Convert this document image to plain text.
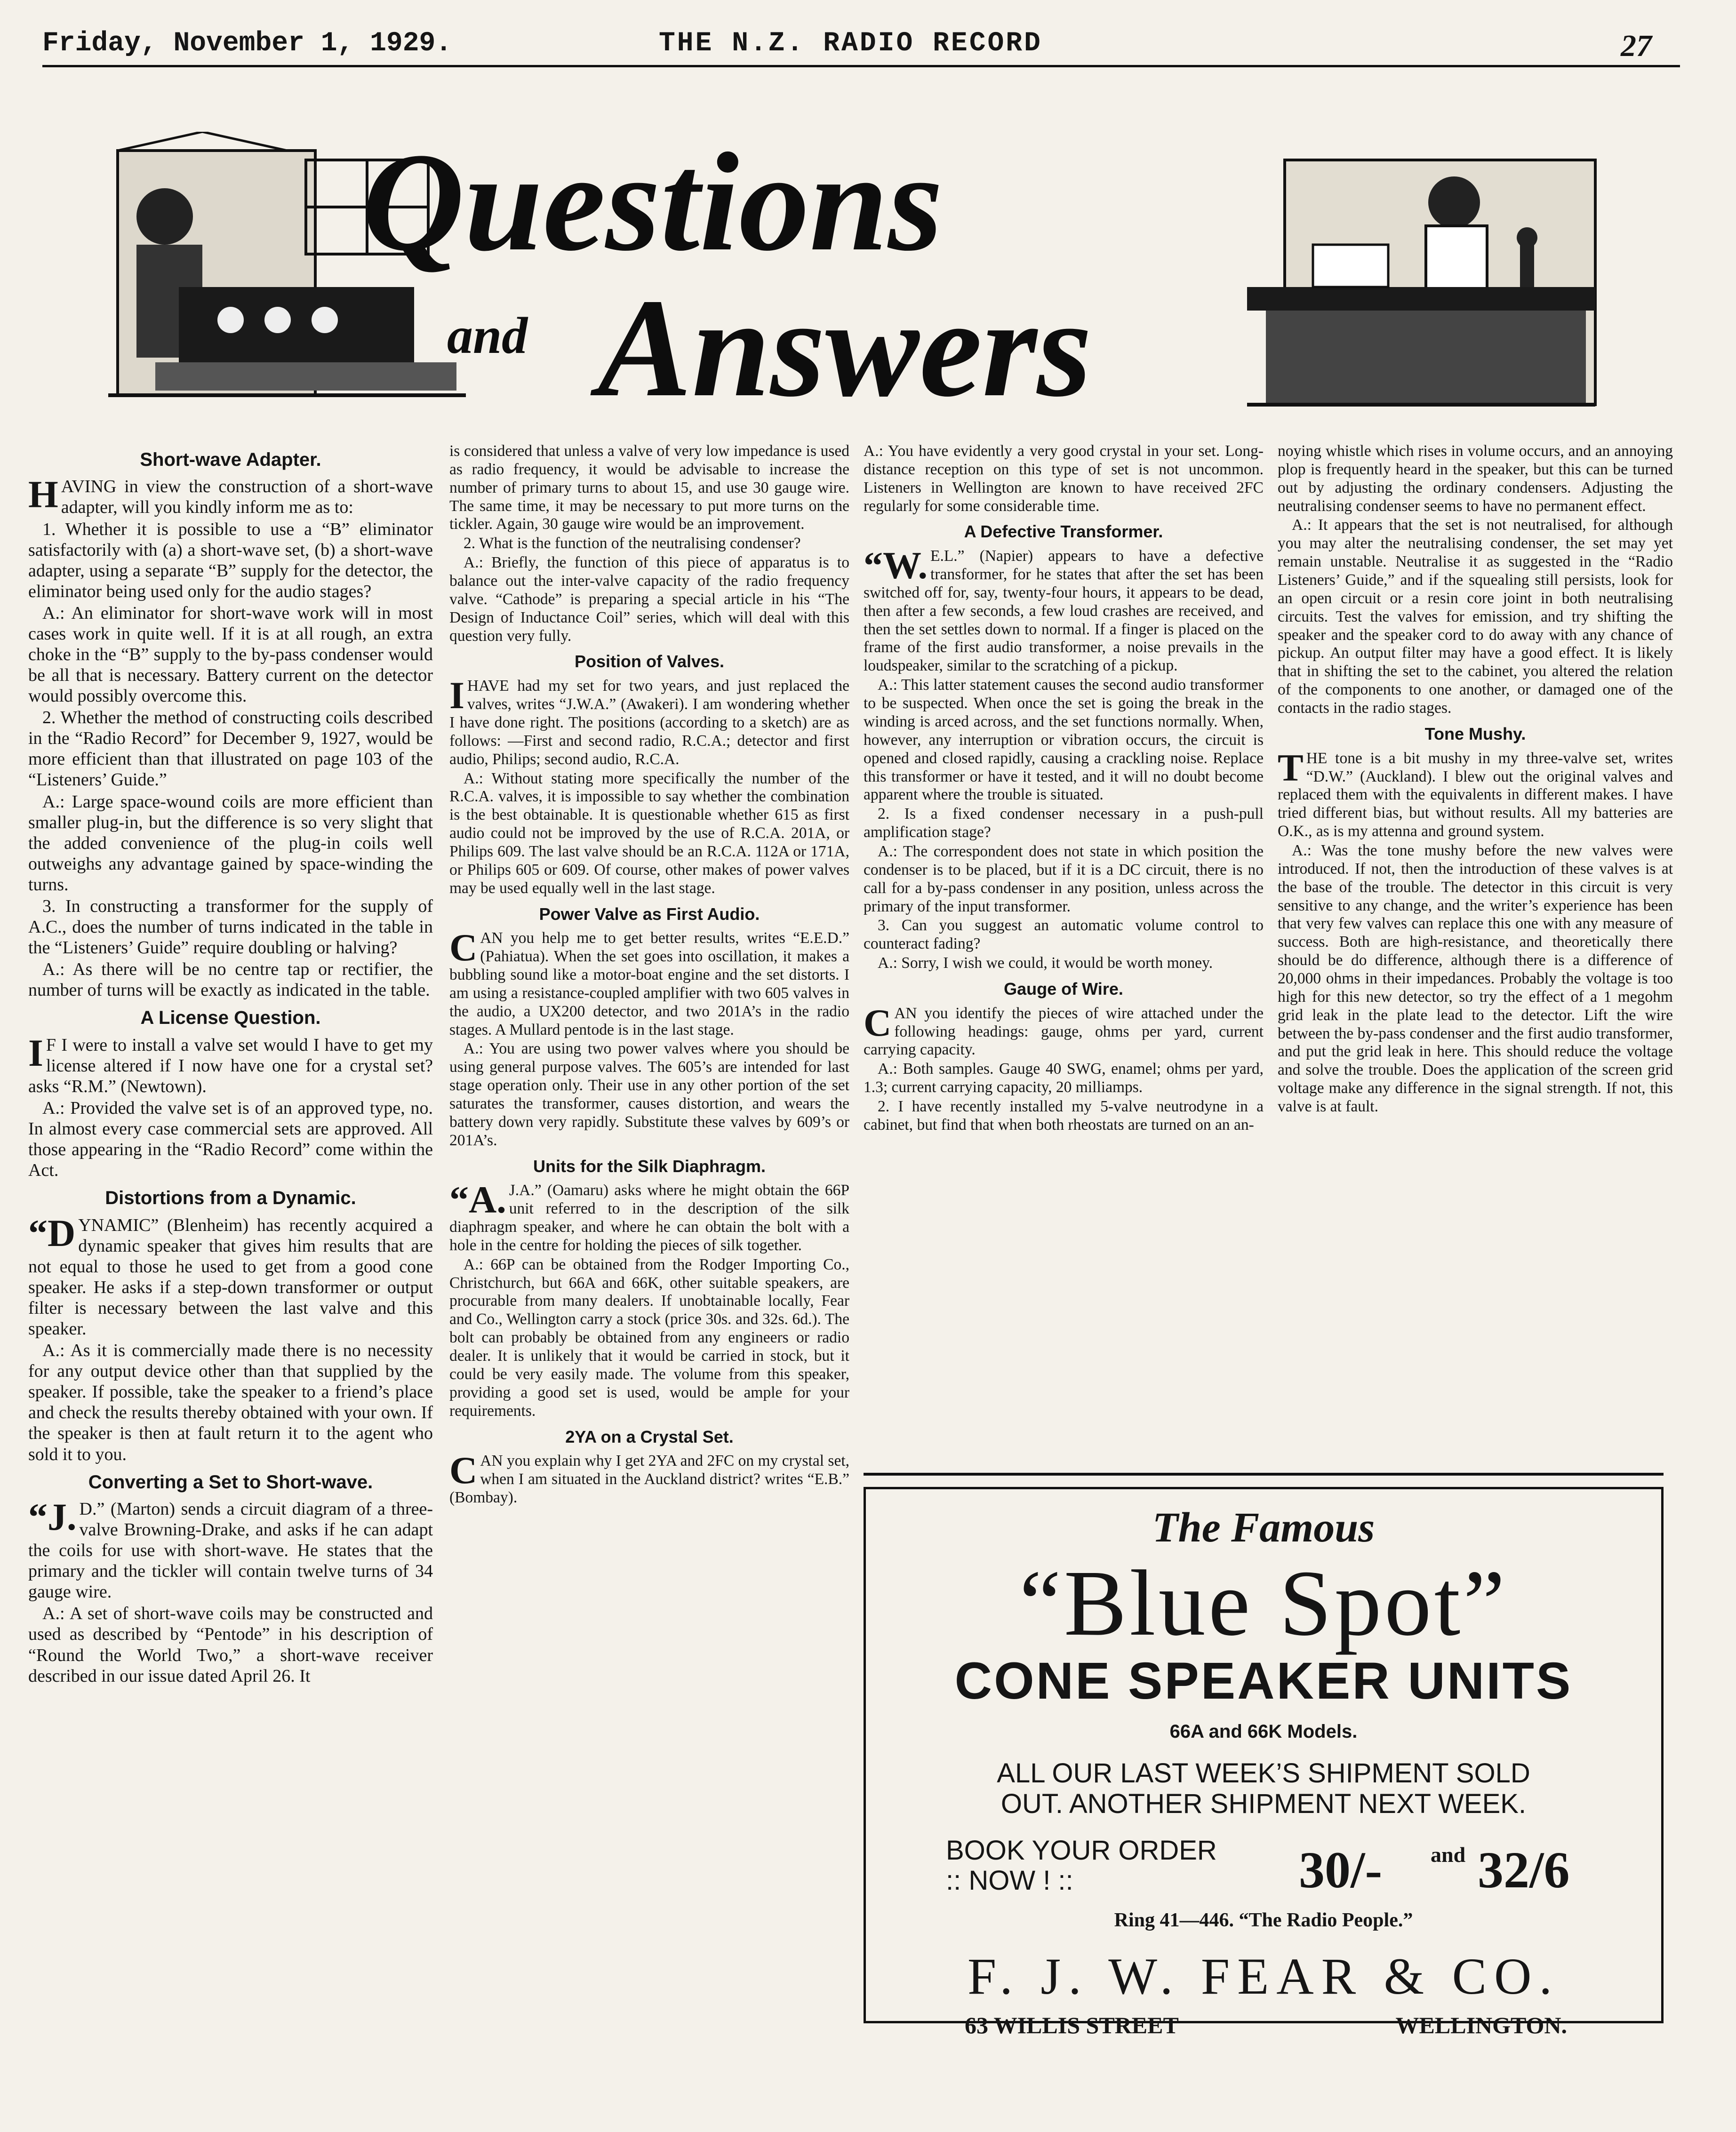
Friday, November 1, 1929.	THE N.Z. RADIO RECORD	27
Questions
and Answers
Short-wave Adapter.

HAVING in view the construction of a short-wave adapter, will you kindly inform me as to:

1. Whether it is possible to use a “B” eliminator satisfactorily with (a) a short-wave set, (b) a short-wave adapter, using a separate “B” supply for the detector, the eliminator being used only for the audio stages?

A.: An eliminator for short-wave work will in most cases work in quite well. If it is at all rough, an extra choke in the “B” supply to the by-pass condenser would be all that is necessary. Battery current on the detector would possibly overcome this.

2. Whether the method of constructing coils described in the “Radio Record” for December 9, 1927, would be more efficient than that illustrated on page 103 of the “Listeners’ Guide.”

A.: Large space-wound coils are more efficient than smaller plug-in, but the difference is so very slight that the added convenience of the plug-in coils well outweighs any advantage gained by space-winding the turns.

3. In constructing a transformer for the supply of A.C., does the number of turns indicated in the table in the “Listeners’ Guide” require doubling or halving?

A.: As there will be no centre tap or rectifier, the number of turns will be exactly as indicated in the table.

A License Question.

IF I were to install a valve set would I have to get my license altered if I now have one for a crystal set? asks “R.M.” (Newtown).

A.: Provided the valve set is of an approved type, no. In almost every case commercial sets are approved. All those appearing in the “Radio Record” come within the Act.

Distortions from a Dynamic.

“DYNAMIC” (Blenheim) has recently acquired a dynamic speaker that gives him results that are not equal to those he used to get from a good cone speaker. He asks if a step-down transformer or output filter is necessary between the last valve and this speaker.

A.: As it is commercially made there is no necessity for any output device other than that supplied by the speaker. If possible, take the speaker to a friend’s place and check the results thereby obtained with your own. If the speaker is then at fault return it to the agent who sold it to you.

Converting a Set to Short-wave.

“J.D.” (Marton) sends a circuit diagram of a three-valve Browning-Drake, and asks if he can adapt the coils for use with short-wave. He states that the primary and the tickler will contain twelve turns of 34 gauge wire.

A.: A set of short-wave coils may be constructed and used as described by “Pentode” in his description of “Round the World Two,” a short-wave receiver described in our issue dated April 26. It

is considered that unless a valve of very low impedance is used as radio frequency, it would be advisable to increase the number of primary turns to about 15, and use 30 gauge wire. The same time, it may be necessary to put more turns on the tickler. Again, 30 gauge wire would be an improvement.

2. What is the function of the neutralising condenser?

A.: Briefly, the function of this piece of apparatus is to balance out the inter-valve capacity of the radio frequency valve. “Cathode” is preparing a special article in his “The Design of Inductance Coil” series, which will deal with this question very fully.

Position of Valves.

IHAVE had my set for two years, and just replaced the valves, writes “J.W.A.” (Awakeri). I am wondering whether I have done right. The positions (according to a sketch) are as follows: —First and second radio, R.C.A.; detector and first audio, Philips; second audio, R.C.A.

A.: Without stating more specifically the number of the R.C.A. valves, it is impossible to say whether the combination is the best obtainable. It is questionable whether 615 as first audio could not be improved by the use of R.C.A. 201A, or Philips 609. The last valve should be an R.C.A. 112A or 171A, or Philips 605 or 609. Of course, other makes of power valves may be used equally well in the last stage.

Power Valve as First Audio.

CAN you help me to get better results, writes “E.E.D.” (Pahiatua). When the set goes into oscillation, it makes a bubbling sound like a motor-boat engine and the set distorts. I am using a resistance-coupled amplifier with two 605 valves in the audio, a UX200 detector, and two 201A’s in the radio stages. A Mullard pentode is in the last stage.

A.: You are using two power valves where you should be using general purpose valves. The 605’s are intended for last stage operation only. Their use in any other portion of the set saturates the transformer, causes distortion, and wears the battery down very rapidly. Substitute these valves by 609’s or 201A’s.

Units for the Silk Diaphragm.

“A.J.A.” (Oamaru) asks where he might obtain the 66P unit referred to in the description of the silk diaphragm speaker, and where he can obtain the bolt with a hole in the centre for holding the pieces of silk together.

A.: 66P can be obtained from the Rodger Importing Co., Christchurch, but 66A and 66K, other suitable speakers, are procurable from many dealers. If unobtainable locally, Fear and Co., Wellington carry a stock (price 30s. and 32s. 6d.). The bolt can probably be obtained from any engineers or radio dealer. It is unlikely that it would be carried in stock, but it could be very easily made. The volume from this speaker, providing a good set is used, would be ample for your requirements.

2YA on a Crystal Set.

CAN you explain why I get 2YA and 2FC on my crystal set, when I am situated in the Auckland district? writes “E.B.” (Bombay).

A.: You have evidently a very good crystal in your set. Long-distance reception on this type of set is not uncommon. Listeners in Wellington are known to have received 2FC regularly for some considerable time.

A Defective Transformer.

“W.E.L.” (Napier) appears to have a defective transformer, for he states that after the set has been switched off for, say, twenty-four hours, it appears to be dead, then after a few seconds, a few loud crashes are received, and then the set settles down to normal. If a finger is placed on the frame of the first audio transformer, a noise prevails in the loudspeaker, similar to the scratching of a pickup.

A.: This latter statement causes the second audio transformer to be suspected. When once the set is going the break in the winding is arced across, and the set functions normally. When, however, any interruption or vibration occurs, the circuit is opened and closed rapidly, causing a crackling noise. Replace this transformer or have it tested, and it will no doubt become apparent where the trouble is situated.

2. Is a fixed condenser necessary in a push-pull amplification stage?

A.: The correspondent does not state in which position the condenser is to be placed, but if it is a DC circuit, there is no call for a by-pass condenser in any position, unless across the primary of the input transformer.

3. Can you suggest an automatic volume control to counteract fading?

A.: Sorry, I wish we could, it would be worth money.

Gauge of Wire.

CAN you identify the pieces of wire attached under the following headings: gauge, ohms per yard, current carrying capacity.

A.: Both samples. Gauge 40 SWG, enamel; ohms per yard, 1.3; current carrying capacity, 20 milliamps.

2. I have recently installed my 5-valve neutrodyne in a cabinet, but find that when both rheostats are turned on an an-

noying whistle which rises in volume occurs, and an annoying plop is frequently heard in the speaker, but this can be turned out by adjusting the ordinary condensers. Adjusting the neutralising condenser seems to have no permanent effect.

A.: It appears that the set is not neutralised, for although you may alter the neutralising condenser, the set may yet remain unstable. Neutralise it as suggested in the “Radio Listeners’ Guide,” and if the squealing still persists, look for an open circuit or a resin core joint in both neutralising circuits. Test the valves for emission, and try shifting the speaker and the speaker cord to do away with any chance of pickup. An output filter may have a good effect. It is likely that in shifting the set to the cabinet, you altered the relation of the components to one another, or damaged one of the contacts in the radio stages.

Tone Mushy.

THE tone is a bit mushy in my three-valve set, writes “D.W.” (Auckland). I blew out the original valves and replaced them with the equivalents in different makes. I have tried different bias, but without results. All my batteries are O.K., as is my attenna and ground system.

A.: Was the tone mushy before the new valves were introduced. If not, then the introduction of these valves is at the base of the trouble. The detector in this circuit is very sensitive to any change, and the writer’s experience has been that very few valves can replace this one with any measure of success. Both are high-resistance, and theoretically there should be do difference, although there is a difference of 20,000 ohms in their impedances. Probably the voltage is too high for this new detector, so try the effect of a 1 megohm grid leak in the plate lead to the detector. Lift the wire between the by-pass condenser and the first audio transformer, and put the grid leak in here. This should reduce the voltage and solve the trouble. Does the application of the screen grid voltage make any difference in the signal strength. If not, this valve is at fault.

The Famous
“Blue Spot”
CONE SPEAKER UNITS
66A and 66K Models.
ALL OUR LAST WEEK’S SHIPMENT SOLD
OUT. ANOTHER SHIPMENT NEXT WEEK.
BOOK YOUR ORDER
:: NOW ! ::	30/- and 32/6
Ring 41—446. “The Radio People.”
F. J. W. FEAR & CO.
63 WILLIS STREET	WELLINGTON.
